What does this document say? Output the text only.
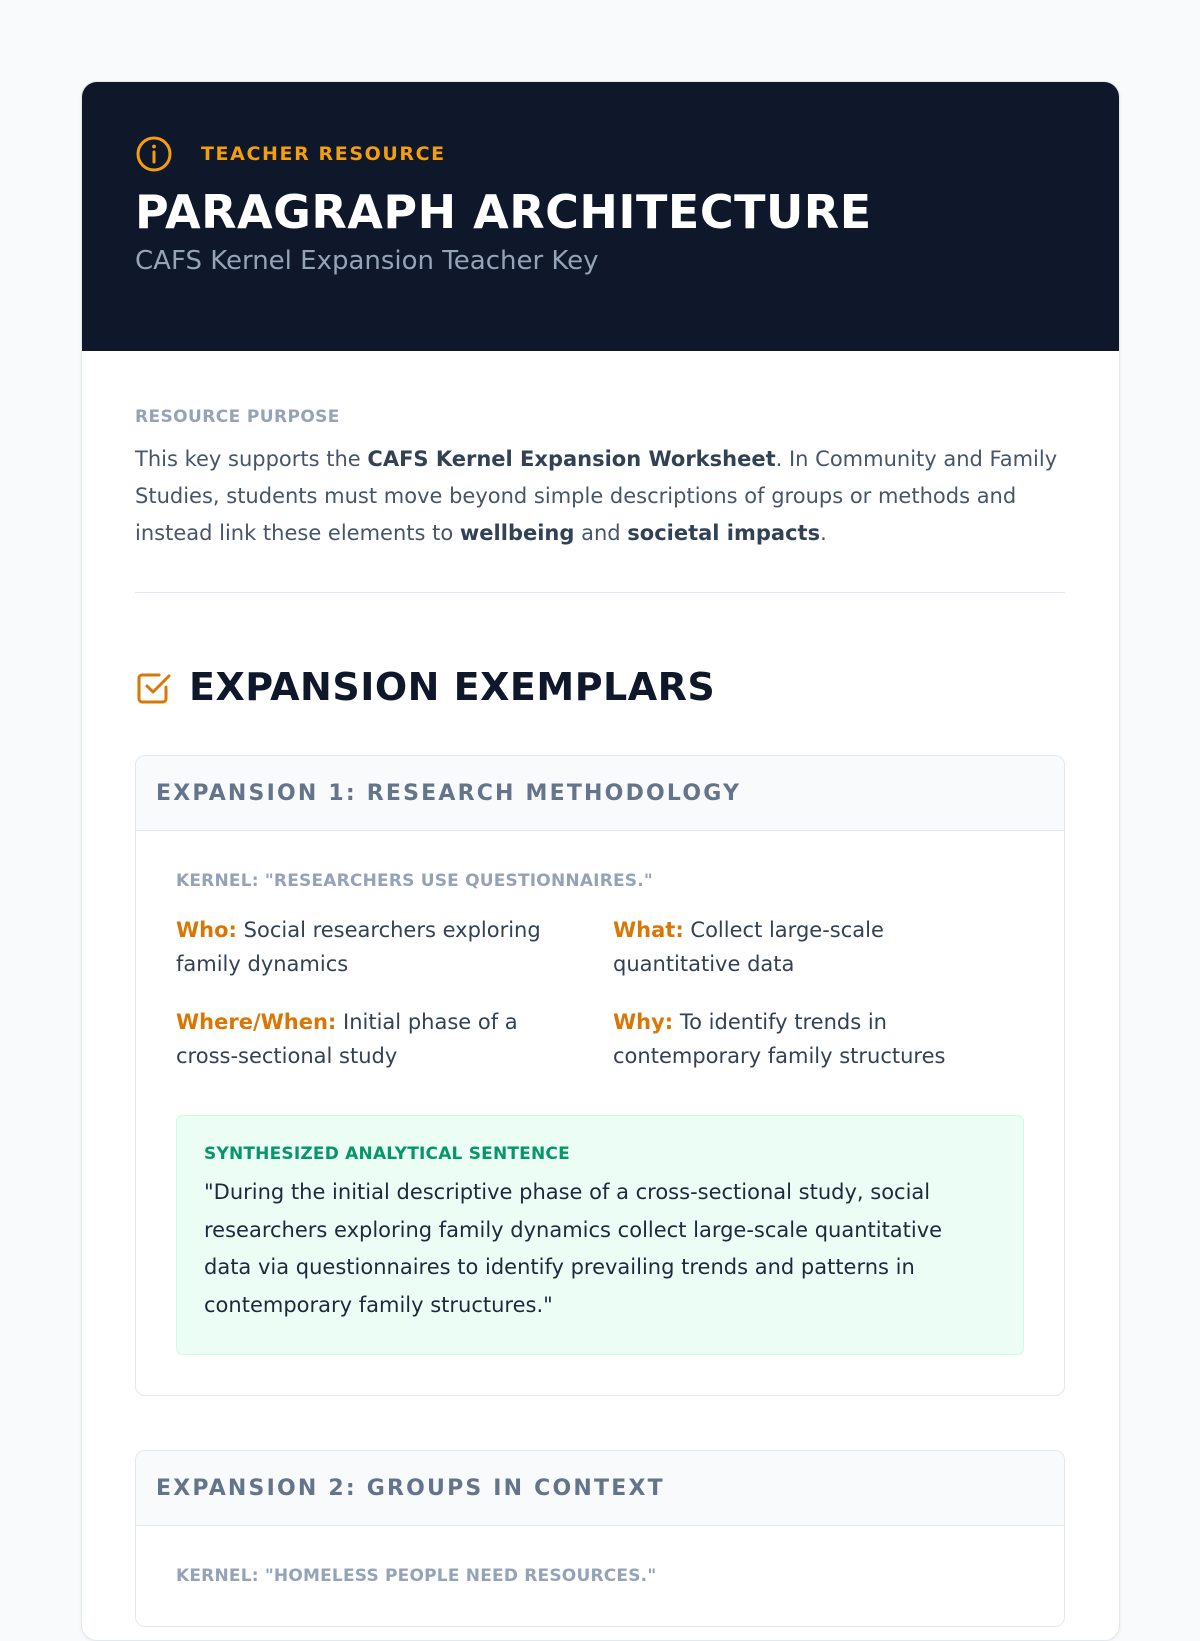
TEACHER RESOURCE
PARAGRAPH ARCHITECTURE
CAFS Kernel Expansion Teacher Key
RESOURCE PURPOSE

This key supports the CAFS Kernel Expansion Worksheet. In Community and Family Studies, students must move beyond simple descriptions of groups or methods and instead link these elements to wellbeing and societal impacts.

EXPANSION EXEMPLARS
EXPANSION 1: RESEARCH METHODOLOGY
KERNEL: "RESEARCHERS USE QUESTIONNAIRES."
Who: Social researchers exploring family dynamics
What: Collect large-scale quantitative data
Where/When: Initial phase of a cross-sectional study
Why: To identify trends in contemporary family structures
SYNTHESIZED ANALYTICAL SENTENCE
"During the initial descriptive phase of a cross-sectional study, social researchers exploring family dynamics collect large-scale quantitative data via questionnaires to identify prevailing trends and patterns in contemporary family structures."
EXPANSION 2: GROUPS IN CONTEXT
KERNEL: "HOMELESS PEOPLE NEED RESOURCES."
